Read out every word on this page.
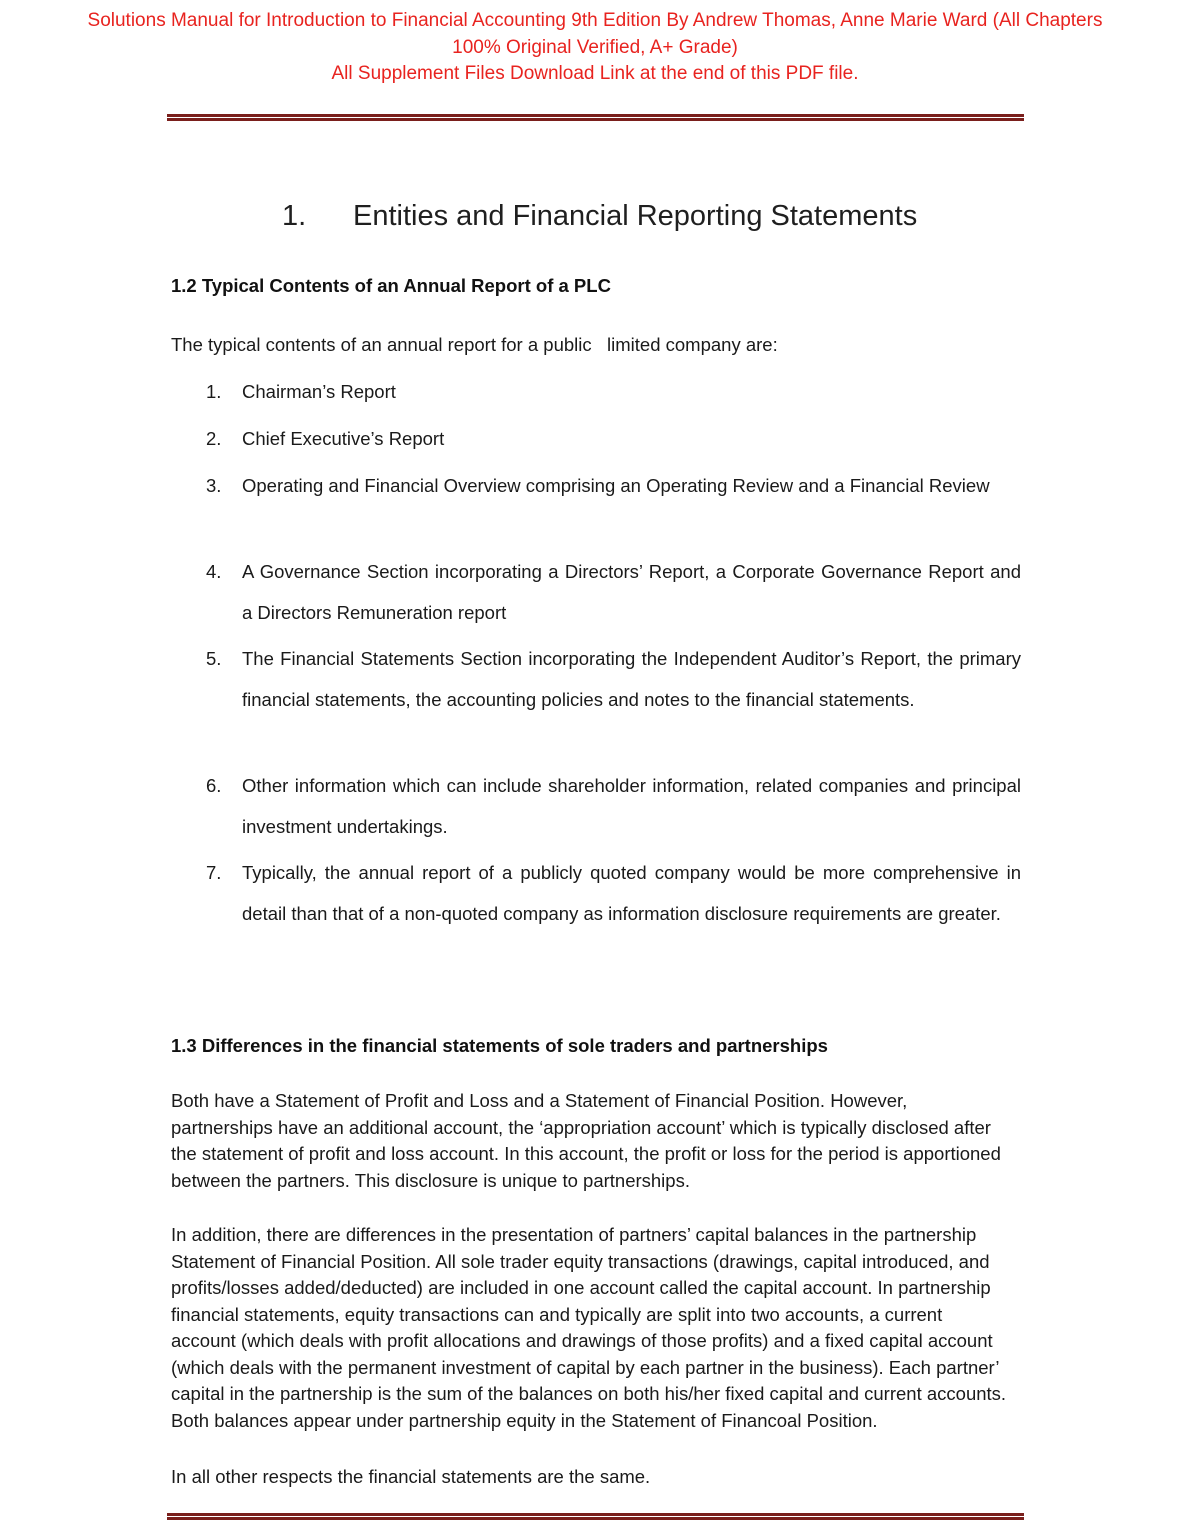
Solutions Manual for Introduction to Financial Accounting 9th Edition By Andrew Thomas, Anne Marie Ward (All Chapters
100% Original Verified, A+ Grade)
All Supplement Files Download Link at the end of this PDF file.
1. Entities and Financial Reporting Statements
1.2 Typical Contents of an Annual Report of a PLC
The typical contents of an annual report for a public   limited company are:
1. Chairman’s Report
2. Chief Executive’s Report
3. Operating and Financial Overview comprising an Operating Review and a Financial Review
4. A Governance Section incorporating a Directors’ Report, a Corporate Governance Report and a Directors Remuneration report
5. The Financial Statements Section incorporating the Independent Auditor’s Report, the primary financial statements, the accounting policies and notes to the financial statements.
6. Other information which can include shareholder information, related companies and principal investment undertakings.
7. Typically, the annual report of a publicly quoted company would be more comprehensive in detail than that of a non-quoted company as information disclosure requirements are greater.
1.3 Differences in the financial statements of sole traders and partnerships
Both have a Statement of Profit and Loss and a Statement of Financial Position. However, partnerships have an additional account, the ‘appropriation account’ which is typically disclosed after the statement of profit and loss account. In this account, the profit or loss for the period is apportioned between the partners. This disclosure is unique to partnerships.
In addition, there are differences in the presentation of partners’ capital balances in the partnership Statement of Financial Position. All sole trader equity transactions (drawings, capital introduced, and profits/losses added/deducted) are included in one account called the capital account. In partnership financial statements, equity transactions can and typically are split into two accounts, a current account (which deals with profit allocations and drawings of those profits) and a fixed capital account (which deals with the permanent investment of capital by each partner in the business). Each partner’ capital in the partnership is the sum of the balances on both his/her fixed capital and current accounts. Both balances appear under partnership equity in the Statement of Financoal Position.
In all other respects the financial statements are the same.
